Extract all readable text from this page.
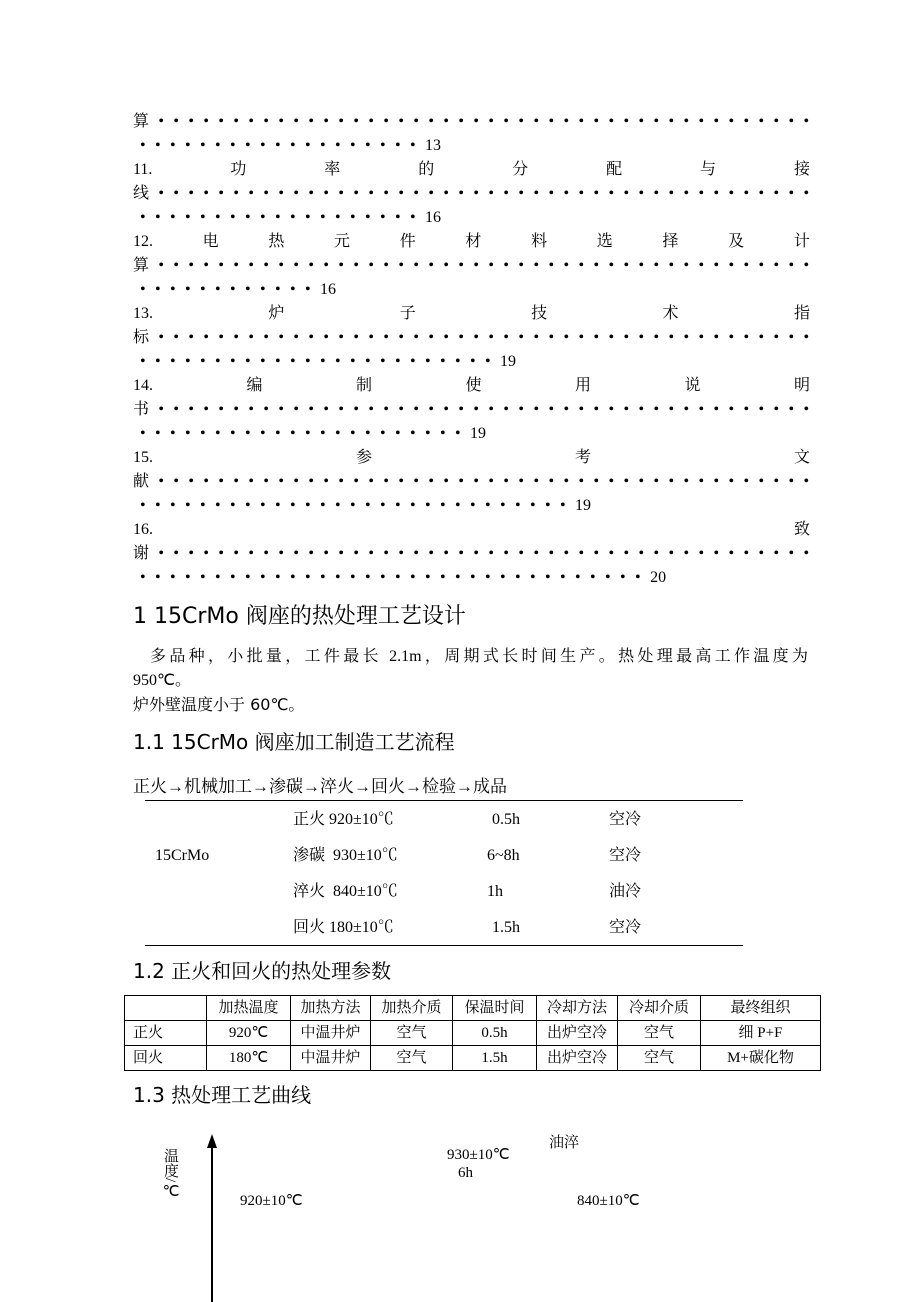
算••••••••••••••••••••••••••••••••••••••••••••
•••••••••••••••••••13
11.	功	率	的	分	配	与	接
线••••••••••••••••••••••••••••••••••••••••••••
•••••••••••••••••••16
12.	电	热	元	件	材	料	选	择	及	计
算••••••••••••••••••••••••••••••••••••••••••••
••••••••••••16
13.	炉	子	技	术	指
标••••••••••••••••••••••••••••••••••••••••••••
••••••••••••••••••••••••19
14.	编	制	使	用	说	明
书••••••••••••••••••••••••••••••••••••••••••••
••••••••••••••••••••••19
15.	参	考	文
献••••••••••••••••••••••••••••••••••••••••••••
•••••••••••••••••••••••••••••19
16.	致
谢••••••••••••••••••••••••••••••••••••••••••••
••••••••••••••••••••••••••••••••••20
1 15CrMo 阀座的热处理工艺设计
多品种，小批量，工件最长 2.1m，周期式长时间生产。热处理最高工作温度为
950℃。
炉外壁温度小于 60℃。
1.1 15CrMo 阀座加工制造工艺流程
正火→机械加工→渗碳→淬火→回火→检验→成品
15CrMo
正火 920±10℃	0.5h	空冷
渗碳  930±10℃	6~8h	空冷
淬火  840±10℃	1h	油冷
回火 180±10℃	1.5h	空冷
1.2 正火和回火的热处理参数
	加热温度	加热方法	加热介质	保温时间	冷却方法	冷却介质	最终组织
正火	920℃	中温井炉	空气	0.5h	出炉空冷	空气	细 P+F
回火	180℃	中温井炉	空气	1.5h	出炉空冷	空气	M+碳化物
1.3 热处理工艺曲线
温度/℃
油淬
930±10℃
6h
920±10℃	840±10℃
